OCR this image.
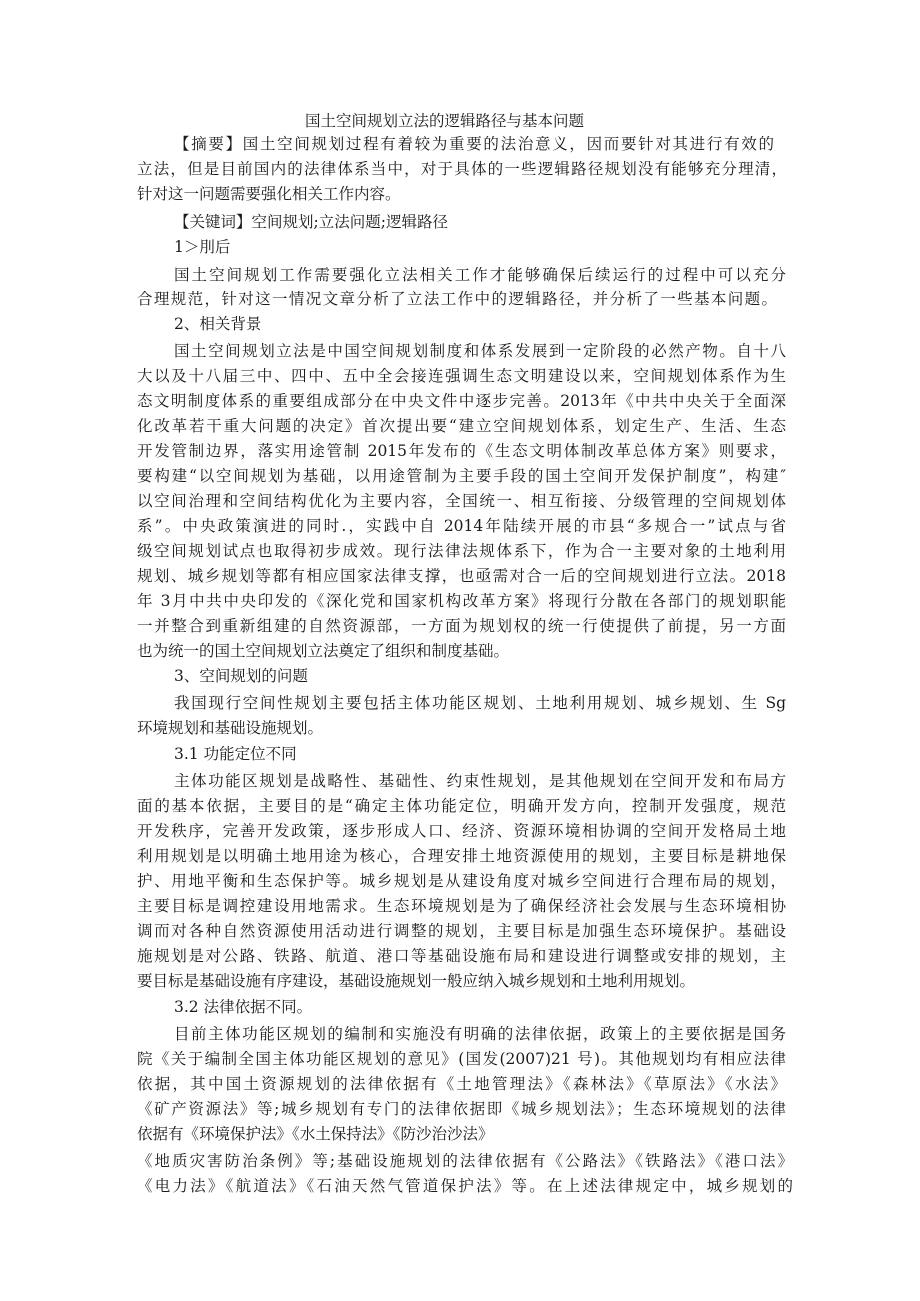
国土空间规划立法的逻辑路径与基本问题
【摘要】国土空间规划过程有着较为重要的法治意义，因而要针对其进行有效的
立法，但是目前国内的法律体系当中，对于具体的一些逻辑路径规划没有能够充分理清，
针对这一问题需要强化相关工作内容。
【关键词】空间规划;立法问题;逻辑路径
1＞刖后
国土空间规划工作需要强化立法相关工作才能够确保后续运行的过程中可以充分
合理规范，针对这一情况文章分析了立法工作中的逻辑路径，并分析了一些基本问题。
2、相关背景
国土空间规划立法是中国空间规划制度和体系发展到一定阶段的必然产物。自十八
大以及十八届三中、四中、五中全会接连强调生态文明建设以来，空间规划体系作为生
态文明制度体系的重要组成部分在中央文件中逐步完善。2013年《中共中央关于全面深
化改革若干重大问题的决定》首次提出要“建立空间规划体系，划定生产、生活、生态
开发管制边界，落实用途管制 2015年发布的《生态文明体制改革总体方案》则要求，
要构建“以空间规划为基础，以用途管制为主要手段的国土空间开发保护制度”，构建″
以空间治理和空间结构优化为主要内容，全国统一、相互衔接、分级管理的空间规划体
系”。中央政策演进的同时.，实践中自 2014年陆续开展的市县“多规合一”试点与省
级空间规划试点也取得初步成效。现行法律法规体系下，作为合一主要对象的土地利用
规划、城乡规划等都有相应国家法律支撑，也亟需对合一后的空间规划进行立法。2018
年 3月中共中央印发的《深化党和国家机构改革方案》将现行分散在各部门的规划职能
一并整合到重新组建的自然资源部，一方面为规划权的统一行使提供了前提，另一方面
也为统一的国土空间规划立法奠定了组织和制度基础。
3、空间规划的问题
我国现行空间性规划主要包括主体功能区规划、土地利用规划、城乡规划、生 Sg
环境规划和基础设施规划。
3.1 功能定位不同
主体功能区规划是战略性、基础性、约束性规划，是其他规划在空间开发和布局方
面的基本依据，主要目的是“确定主体功能定位，明确开发方向，控制开发强度，规范
开发秩序，完善开发政策，逐步形成人口、经济、资源环境相协调的空间开发格局土地
利用规划是以明确土地用途为核心，合理安排土地资源使用的规划，主要目标是耕地保
护、用地平衡和生态保护等。城乡规划是从建设角度对城乡空间进行合理布局的规划，
主要目标是调控建设用地需求。生态环境规划是为了确保经济社会发展与生态环境相协
调而对各种自然资源使用活动进行调整的规划，主要目标是加强生态环境保护。基础设
施规划是对公路、铁路、航道、港口等基础设施布局和建设进行调整或安排的规划，主
要目标是基础设施有序建设，基础设施规划一般应纳入城乡规划和土地利用规划。
3.2 法律依据不同。
目前主体功能区规划的编制和实施没有明确的法律依据，政策上的主要依据是国务
院《关于编制全国主体功能区规划的意见》(国发(2007)21 号)。其他规划均有相应法律
依据，其中国土资源规划的法律依据有《土地管理法》《森林法》《草原法》《水法》
《矿产资源法》等;城乡规划有专门的法律依据即《城乡规划法》；生态环境规划的法律
依据有《环境保护法》《水土保持法》《防沙治沙法》
《地质灾害防治条例》等;基础设施规划的法律依据有《公路法》《铁路法》《港口法》
《电力法》《航道法》《石油天然气管道保护法》等。在上述法律规定中，城乡规划的
